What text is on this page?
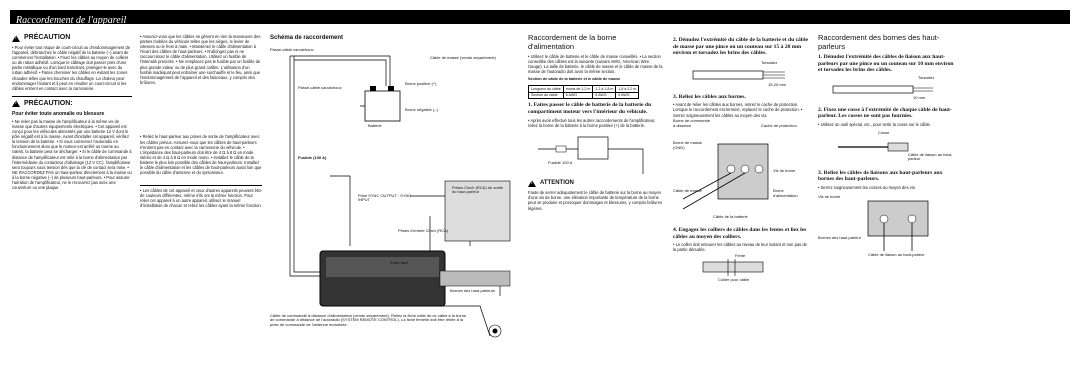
Raccordement de l'appareil
!
PRÉCAUTION

• Pour éviter tout risque de court-circuit ou d'endommagement de l'appareil, débranchez le câble négatif de la batterie (–) avant de commencer l'installation. • Fixez les câbles au moyen de colliers ou de ruban adhésif. Lorsque le câblage doit passer près d'une partie métallique ou d'un bord tranchant, protégez-le avec du ruban adhésif. • Faites cheminer les câbles en évitant les zones chaudes telles que les bouches du chauffage. La chaleur peut endommager l'isolant et il peut en résulter un court-circuit si les câbles entrent en contact avec la carrosserie.

!
PRÉCAUTION:
Pour éviter toute anomalie ou blessure

• Ne relier pas la masse de l'amplificateur à la même vis de masse que d'autres équipements électriques. • Cet appareil est conçu pour les véhicules alimentés par une batterie 12 V dont le pôle négatif est à la masse. Avant d'installer cet appareil, vérifiez la tension de la batterie. • Si vous conservez l'autoradio en fonctionnement alors que le moteur est arrêté ou tourne au ralenti, la batterie peut se décharger. • Si le câble de commande à distance de l'amplificateur est relié à la borne d'alimentation par l'intermédiaire du contacteur d'allumage (12 V CC), l'amplificateur sera toujours sous tension dès que la clé de contact sera mise. • NE RACCORDEZ PAS un haut-parleur directement à la masse ou à la borne négative (–) de plusieurs haut-parleurs. • Pour assurer l'aération de l'amplificateur, ne le recouvrez pas avec une couverture ou une plaque.

• Assurez-vous que les câbles ne gênent en rien la manœuvre des parties mobiles du véhicule telles que les sièges, le levier de vitesses ou le frein à main. • Maintenez le câble d'alimentation à l'écart des câbles de haut-parleurs. • N'allongez pas ni ne raccourcissez le câble d'alimentation. Utilisez un fusible de l'intensité prescrite. • Ne remplacez pas le fusible par un fusible de plus grande valeur ou de plus grand calibre. L'utilisation d'un fusible inadéquat peut entraîner une surchauffe et le feu, ainsi que l'endommagement de l'appareil et des faisceaux, y compris des brûlures.

• Reliez le haut-parleur aux prises de sortie de l'amplificateur avec les câbles prévus. Assurez-vous que les câbles de haut-parleurs n'entrent pas en contact avec la carrosserie du véhicule. • L'impédance des haut-parleurs doit être de 4 Ω à 8 Ω en mode stéréo et de 4 Ω à 8 Ω en mode mono. • Installez le câble de la batterie le plus loin possible des câbles de haut-parleurs. Installez le câble d'alimentation et les câbles de haut-parleurs aussi loin que possible du câble d'antenne et du syntoniseur.

• Les câbles de cet appareil et ceux d'autres appareils peuvent être de couleurs différentes, même s'ils ont la même fonction. Pour relier cet appareil à un autre appareil, utilisez le manuel d'installation de chacun et reliez les câbles ayant la même fonction.

Schéma de raccordement
Passe-câble caoutchouc
Passe-câble caoutchouc
Batterie
Borne positive (+)
Borne négative (–)
Fusible (100 A)
Câble de masse (vendu séparément)
Prise SYNC OUTPUT : SYNC INPUT
Prises Cinch (RCA) de sortie du haut-parleur
Prises d'entrée Cinch (RCA)
Autre face
Bornes des haut-parleurs
Câble de commande à distance d'alimentation (vendu séparément). Reliez la fiche mâle de ce câble à la borne de commande à distance de l'autoradio (SYSTEM REMOTE CONTROL). La fiche femelle doit être reliée à la prise de commande de l'antenne motorisée.
Raccordement de la borne d'alimentation

• Utilisez le câble de batterie et le câble de masse conseillés. • La section conseillée des câbles est la suivante (suivant AWG, American Wire Gauge). La taille de batterie, le câble de masse et le câble de masse de la masse de l'autoradio doit avoir la même section.

Section de câble de la batterie et le câble de masse
Longueur du câble	moins de 1,2 m	1,2 à 1,8 m	1,8 à 2,2 m
Section du câble	6 AWG	6 AWG	6 AWG
1. Faites passer le câble de batterie de la batterie du compartiment moteur vers l'intérieur du véhicule.

• Après avoir effectué tous les autres raccordements de l'amplificateur, reliez la borne de la batterie à la borne positive (+) de la batterie.

Fusible 100 A
!
ATTENTION

Faute de serrer adéquatement le câble de batterie sur la borne au moyen d'une vis de borne, une élévation importante de température de la borne peut se produire et provoquer dommages et blessures, y compris brûlures légères.

2. Dénudez l'extrémité du câble de la batterie et du câble de masse par une pince ou un couteau sur 15 à 20 mm environ et torsadez les brins des câbles.
Torsadez
15-20 mm
3. Reliez les câbles aux bornes.

• Avant de relier les câbles aux bornes, retirez le cache de protection. Lorsque le raccordement est terminé, replacez le cache de protection. • Serrez soigneusement les câbles au moyen des vis.

Borne de commande à distance	Cache de protection
Borne de masse (GND)
Vis de borne
Borne d'alimentation
Câble de masse
Câble de la batterie
4. Engagez les colliers de câbles dans les fentes et liez les câbles au moyen des colliers.

• Le collier doit entourer les câbles au niveau de leur isolant et non pas de la partie dénudée.

Fente
Collier pour câble
Raccordement des bornes des haut-parleurs
1. Dénudez l'extrémité des câbles de liaison aux haut-parleurs par une pince ou un couteau sur 10 mm environ et torsadez les brins des câbles.
Torsadez
10 mm
2. Fixez une cosse à l'extrémité de chaque câble de haut-parleur. Les cosses ne sont pas fournies.

• Utilisez un outil spécial, etc., pour sertir la cosse sur le câble.

Cosse
Câble de liaison au haut-parleur
3. Reliez les câbles de liaisons aux haut-parleurs aux bornes des haut-parleurs.

• Serrez soigneusement les cosses au moyen des vis.

Vis de borne
Bornes des haut-parleur
Câble de liaison au haut-parleur
